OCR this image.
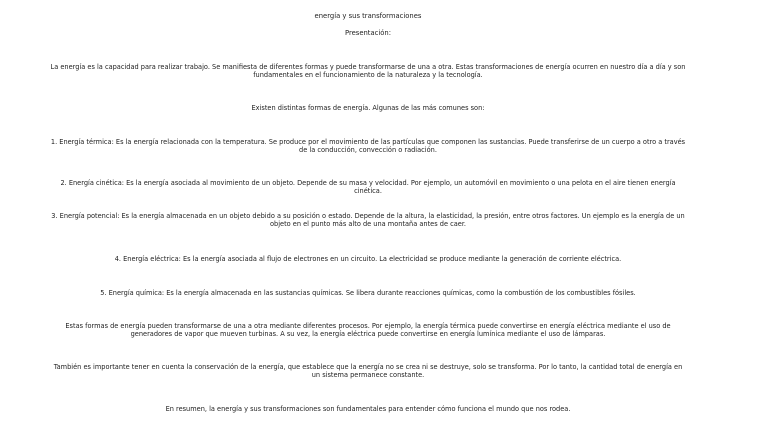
energía y sus transformaciones
Presentación:
La energía es la capacidad para realizar trabajo. Se manifiesta de diferentes formas y puede transformarse de una a otra. Estas transformaciones de energía ocurren en nuestro día a día y son fundamentales en el funcionamiento de la naturaleza y la tecnología.
Existen distintas formas de energía. Algunas de las más comunes son:
1. Energía térmica: Es la energía relacionada con la temperatura. Se produce por el movimiento de las partículas que componen las sustancias. Puede transferirse de un cuerpo a otro a través de la conducción, convección o radiación.
2. Energía cinética: Es la energía asociada al movimiento de un objeto. Depende de su masa y velocidad. Por ejemplo, un automóvil en movimiento o una pelota en el aire tienen energía cinética.
3. Energía potencial: Es la energía almacenada en un objeto debido a su posición o estado. Depende de la altura, la elasticidad, la presión, entre otros factores. Un ejemplo es la energía de un objeto en el punto más alto de una montaña antes de caer.
4. Energía eléctrica: Es la energía asociada al flujo de electrones en un circuito. La electricidad se produce mediante la generación de corriente eléctrica.
5. Energía química: Es la energía almacenada en las sustancias químicas. Se libera durante reacciones químicas, como la combustión de los combustibles fósiles.
Estas formas de energía pueden transformarse de una a otra mediante diferentes procesos. Por ejemplo, la energía térmica puede convertirse en energía eléctrica mediante el uso de generadores de vapor que mueven turbinas. A su vez, la energía eléctrica puede convertirse en energía lumínica mediante el uso de lámparas.
También es importante tener en cuenta la conservación de la energía, que establece que la energía no se crea ni se destruye, solo se transforma. Por lo tanto, la cantidad total de energía en un sistema permanece constante.
En resumen, la energía y sus transformaciones son fundamentales para entender cómo funciona el mundo que nos rodea.
